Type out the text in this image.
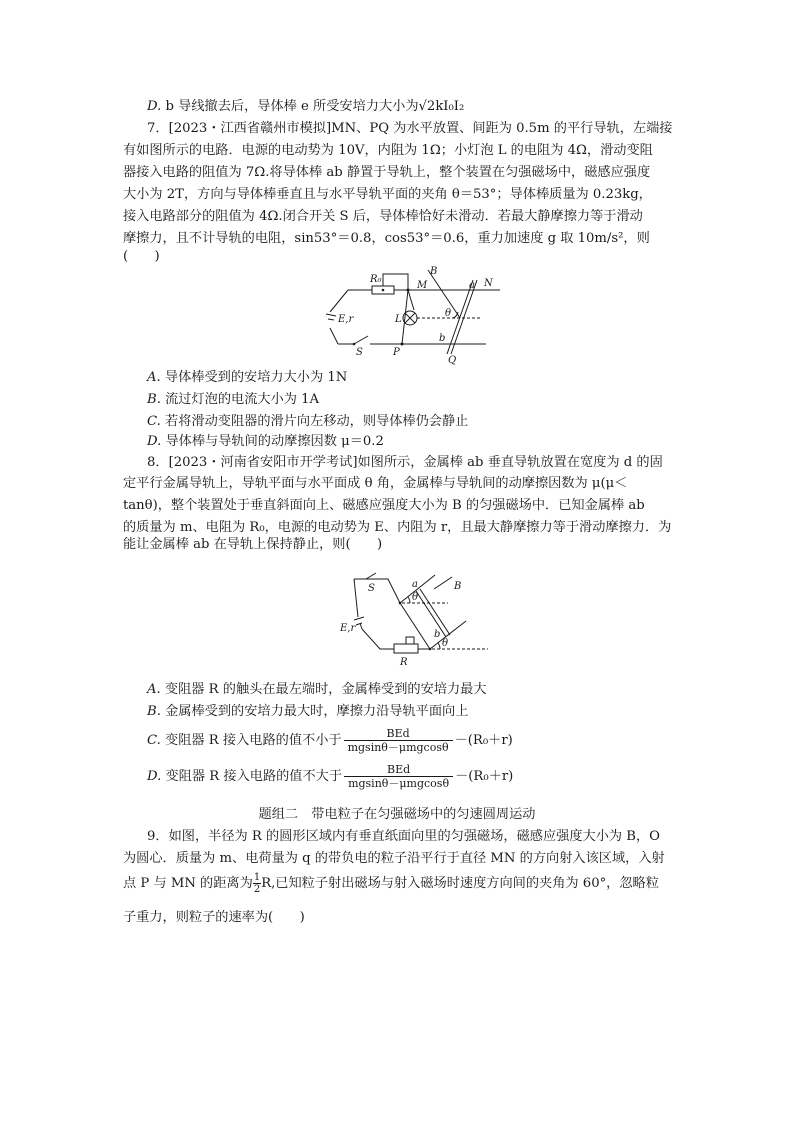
D. b 导线撤去后，导体棒 e 所受安培力大小为√2kI₀I₂
7．[2023・江西省赣州市模拟]MN、PQ 为水平放置、间距为 0.5m 的平行导轨，左端接
有如图所示的电路．电源的电动势为 10V，内阻为 1Ω；小灯泡 L 的电阻为 4Ω，滑动变阻
器接入电路的阻值为 7Ω.将导体棒 ab 静置于导轨上，整个装置在匀强磁场中，磁感应强度
大小为 2T，方向与导体棒垂直且与水平导轨平面的夹角 θ＝53°；导体棒质量为 0.23kg，
接入电路部分的阻值为 4Ω.闭合开关 S 后，导体棒恰好未滑动．若最大静摩擦力等于滑动
摩擦力，且不计导轨的电阻，sin53°＝0.8，cos53°＝0.6，重力加速度 g 取 10m/s²，则
(　　)
R₀
M
B
a N
E,r	L
θ
S	P
b
Q
A. 导体棒受到的安培力大小为 1N
B. 流过灯泡的电流大小为 1A
C. 若将滑动变阻器的滑片向左移动，则导体棒仍会静止
D. 导体棒与导轨间的动摩擦因数 μ＝0.2
8．[2023・河南省安阳市开学考试]如图所示，金属棒 ab 垂直导轨放置在宽度为 d 的固
定平行金属导轨上，导轨平面与水平面成 θ 角，金属棒与导轨间的动摩擦因数为 μ(μ＜
tanθ)，整个装置处于垂直斜面向上、磁感应强度大小为 B 的匀强磁场中．已知金属棒 ab
的质量为 m、电阻为 R₀，电源的电动势为 E、内阻为 r，且最大静摩擦力等于滑动摩擦力．为
能让金属棒 ab 在导轨上保持静止，则(　　)
S	a	B
θ
E,r
b
θ
R
A. 变阻器 R 的触头在最左端时，金属棒受到的安培力最大
B. 金属棒受到的安培力最大时，摩擦力沿导轨平面向上
C. 变阻器 R 接入电路的值不小于 $\frac{\text{BEd}}{\text{mgsinθ－μmgcosθ}} -(R_0+r)$
D. 变阻器 R 接入电路的值不大于 $\frac{\text{BEd}}{\text{mgsinθ－μmgcosθ}} -(R_0+r)$
题组二　带电粒子在匀强磁场中的匀速圆周运动
9．如图，半径为 R 的圆形区域内有垂直纸面向里的匀强磁场，磁感应强度大小为 B，O
为圆心．质量为 m、电荷量为 q 的带负电的粒子沿平行于直径 MN 的方向射入该区域，入射
点 P 与 MN 的距离为 $\frac{1}{2} R$,已知粒子射出磁场与射入磁场时速度方向间的夹角为 60°，忽略粒
子重力，则粒子的速率为(　　)
